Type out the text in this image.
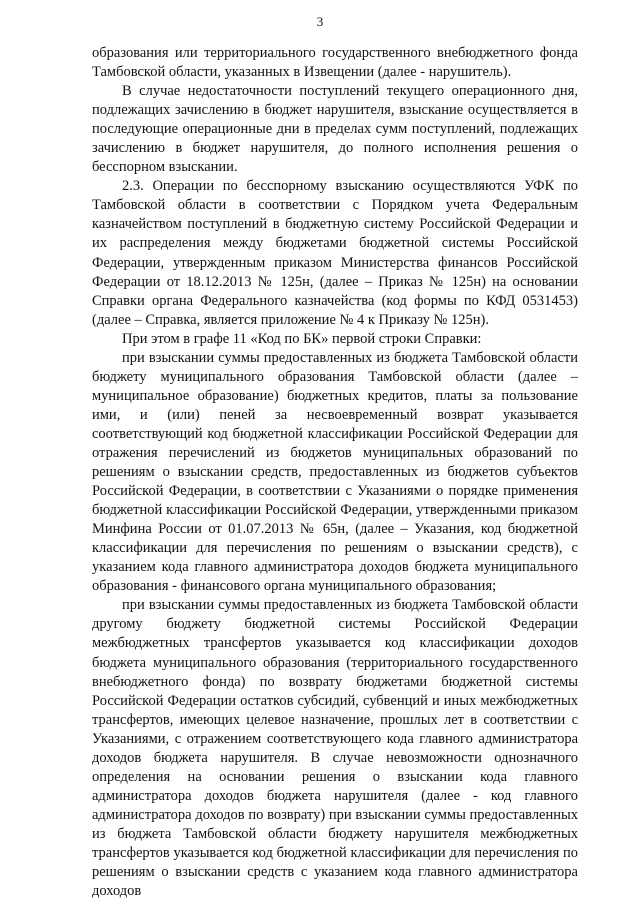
3

образования или территориального государственного внебюджетного фонда Тамбовской области, указанных в Извещении (далее - нарушитель).

В случае недостаточности поступлений текущего операционного дня, подлежащих зачислению в бюджет нарушителя, взыскание осуществляется в последующие операционные дни в пределах сумм поступлений, подлежащих зачислению в бюджет нарушителя, до полного исполнения решения о бесспорном взыскании.

2.3. Операции по бесспорному взысканию осуществляются УФК по Тамбовской области в соответствии с Порядком учета Федеральным казначейством поступлений в бюджетную систему Российской Федерации и их распределения между бюджетами бюджетной системы Российской Федерации, утвержденным приказом Министерства финансов Российской Федерации от 18.12.2013 № 125н, (далее – Приказ № 125н) на основании Справки органа Федерального казначейства (код формы по КФД 0531453) (далее – Справка, является приложение № 4 к Приказу № 125н).

При этом в графе 11 «Код по БК» первой строки Справки:

при взыскании суммы предоставленных из бюджета Тамбовской области бюджету муниципального образования Тамбовской области (далее – муниципальное образование) бюджетных кредитов, платы за пользование ими, и (или) пеней за несвоевременный возврат указывается соответствующий код бюджетной классификации Российской Федерации для отражения перечислений из бюджетов муниципальных образований по решениям о взыскании средств, предоставленных из бюджетов субъектов Российской Федерации, в соответствии с Указаниями о порядке применения бюджетной классификации Российской Федерации, утвержденными приказом Минфина России от 01.07.2013 № 65н, (далее – Указания, код бюджетной классификации для перечисления по решениям о взыскании средств), с указанием кода главного администратора доходов бюджета муниципального образования - финансового органа муниципального образования;

при взыскании суммы предоставленных из бюджета Тамбовской области другому бюджету бюджетной системы Российской Федерации межбюджетных трансфертов указывается код классификации доходов бюджета муниципального образования (территориального государственного внебюджетного фонда) по возврату бюджетами бюджетной системы Российской Федерации остатков субсидий, субвенций и иных межбюджетных трансфертов, имеющих целевое назначение, прошлых лет в соответствии с Указаниями, с отражением соответствующего кода главного администратора доходов бюджета нарушителя. В случае невозможности однозначного определения на основании решения о взыскании кода главного администратора доходов бюджета нарушителя (далее - код главного администратора доходов по возврату) при взыскании суммы предоставленных из бюджета Тамбовской области бюджету нарушителя межбюджетных трансфертов указывается код бюджетной классификации для перечисления по решениям о взыскании средств с указанием кода главного администратора доходов
